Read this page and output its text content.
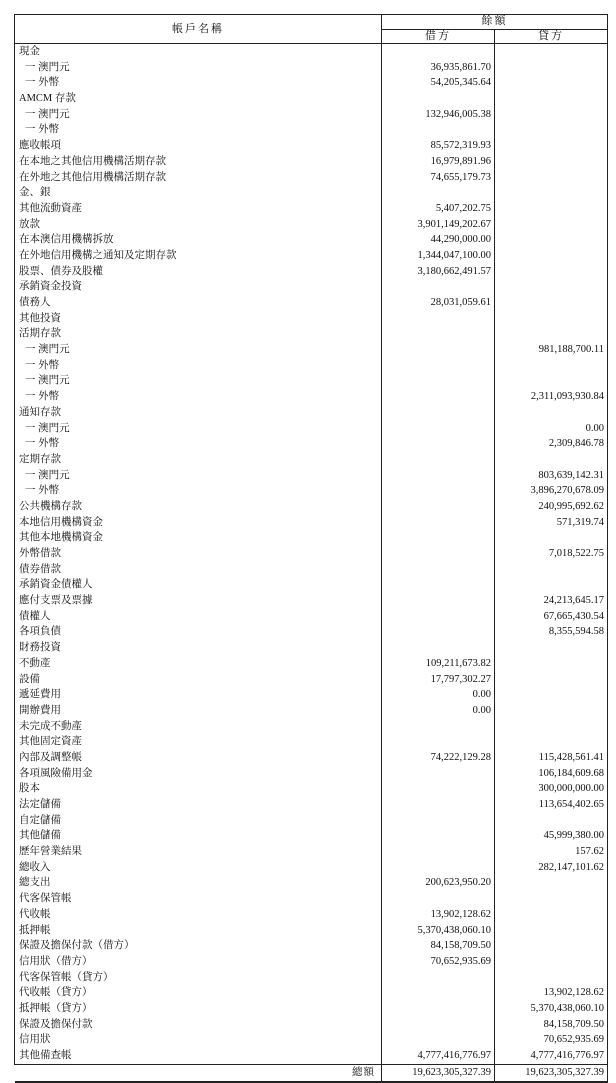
帳戶名稱	餘額	
	借方	貸方
現金		
一 澳門元	36,935,861.70	
一 外幣	54,205,345.64	
AMCM 存款		
一 澳門元	132,946,005.38	
一 外幣		
應收帳項	85,572,319.93	
在本地之其他信用機構活期存款	16,979,891.96	
在外地之其他信用機構活期存款	74,655,179.73	
金、銀		
其他流動資產	5,407,202.75	
放款	3,901,149,202.67	
在本澳信用機構拆放	44,290,000.00	
在外地信用機構之通知及定期存款	1,344,047,100.00	
股票、債券及股權	3,180,662,491.57	
承銷資金投資		
債務人	28,031,059.61	
其他投資		
活期存款		
一 澳門元		981,188,700.11
一 外幣		
一 澳門元		
一 外幣		2,311,093,930.84
通知存款		
一 澳門元		0.00
一 外幣		2,309,846.78
定期存款		
一 澳門元		803,639,142.31
一 外幣		3,896,270,678.09
公共機構存款		240,995,692.62
本地信用機構資金		571,319.74
其他本地機構資金		
外幣借款		7,018,522.75
債券借款		
承銷資金債權人		
應付支票及票據		24,213,645.17
債權人		67,665,430.54
各項負債		8,355,594.58
財務投資		
不動產	109,211,673.82	
設備	17,797,302.27	
遞延費用	0.00	
開辦費用	0.00	
未完成不動產		
其他固定資產		
內部及調整帳	74,222,129.28	115,428,561.41
各項風險備用金		106,184,609.68
股本		300,000,000.00
法定儲備		113,654,402.65
自定儲備		
其他儲備		45,999,380.00
歷年營業結果		157.62
總收入		282,147,101.62
總支出	200,623,950.20	
代客保管帳		
代收帳	13,902,128.62	
抵押帳	5,370,438,060.10	
保證及擔保付款（借方）	84,158,709.50	
信用狀（借方）	70,652,935.69	
代客保管帳（貸方）		
代收帳（貸方）		13,902,128.62
抵押帳（貸方）		5,370,438,060.10
保證及擔保付款		84,158,709.50
信用狀		70,652,935.69
其他備查帳	4,777,416,776.97	4,777,416,776.97
總額	19,623,305,327.39	19,623,305,327.39
